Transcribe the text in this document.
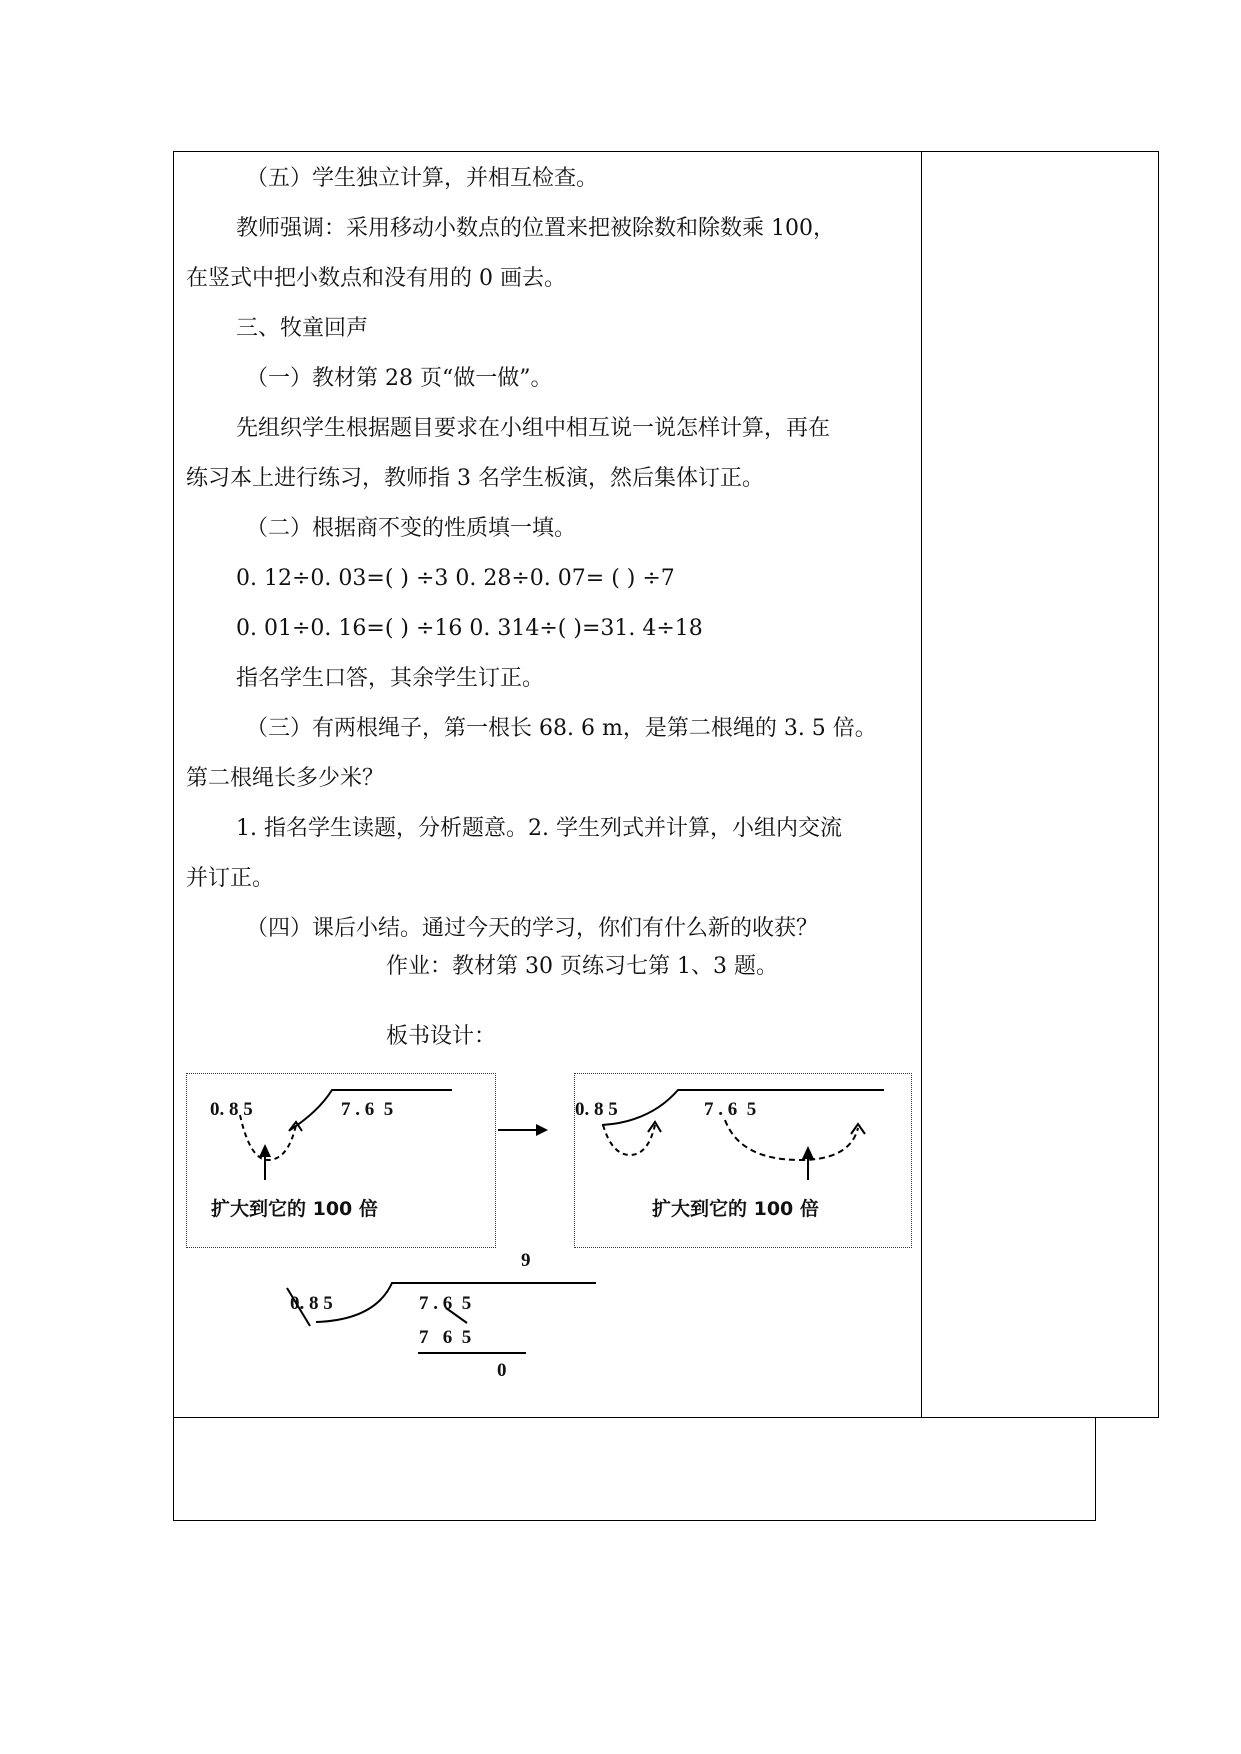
（五）学生独立计算，并相互检查。
教师强调：采用移动小数点的位置来把被除数和除数乘 100，
在竖式中把小数点和没有用的 0 画去。
三、牧童回声
（一）教材第 28 页“做一做”。
先组织学生根据题目要求在小组中相互说一说怎样计算，再在
练习本上进行练习，教师指 3 名学生板演，然后集体订正。
（二）根据商不变的性质填一填。
0. 12÷0. 03=( ) ÷3 0. 28÷0. 07= ( ) ÷7
0. 01÷0. 16=( ) ÷16 0. 314÷( )=31. 4÷18
指名学生口答，其余学生订正。
（三）有两根绳子，第一根长 68. 6 m，是第二根绳的 3. 5 倍。
第二根绳长多少米？
1. 指名学生读题，分析题意。2. 学生列式并计算，小组内交流
并订正。
（四）课后小结。通过今天的学习，你们有什么新的收获？
作业：教材第 30 页练习七第 1、3 题。
板书设计：
0. 8 5	7 . 6  5
扩大到它的 100 倍
0. 8 5	7 . 6  5
扩大到它的 100 倍
9
0. 8 5	7 . 6  5
7   6  5
0
